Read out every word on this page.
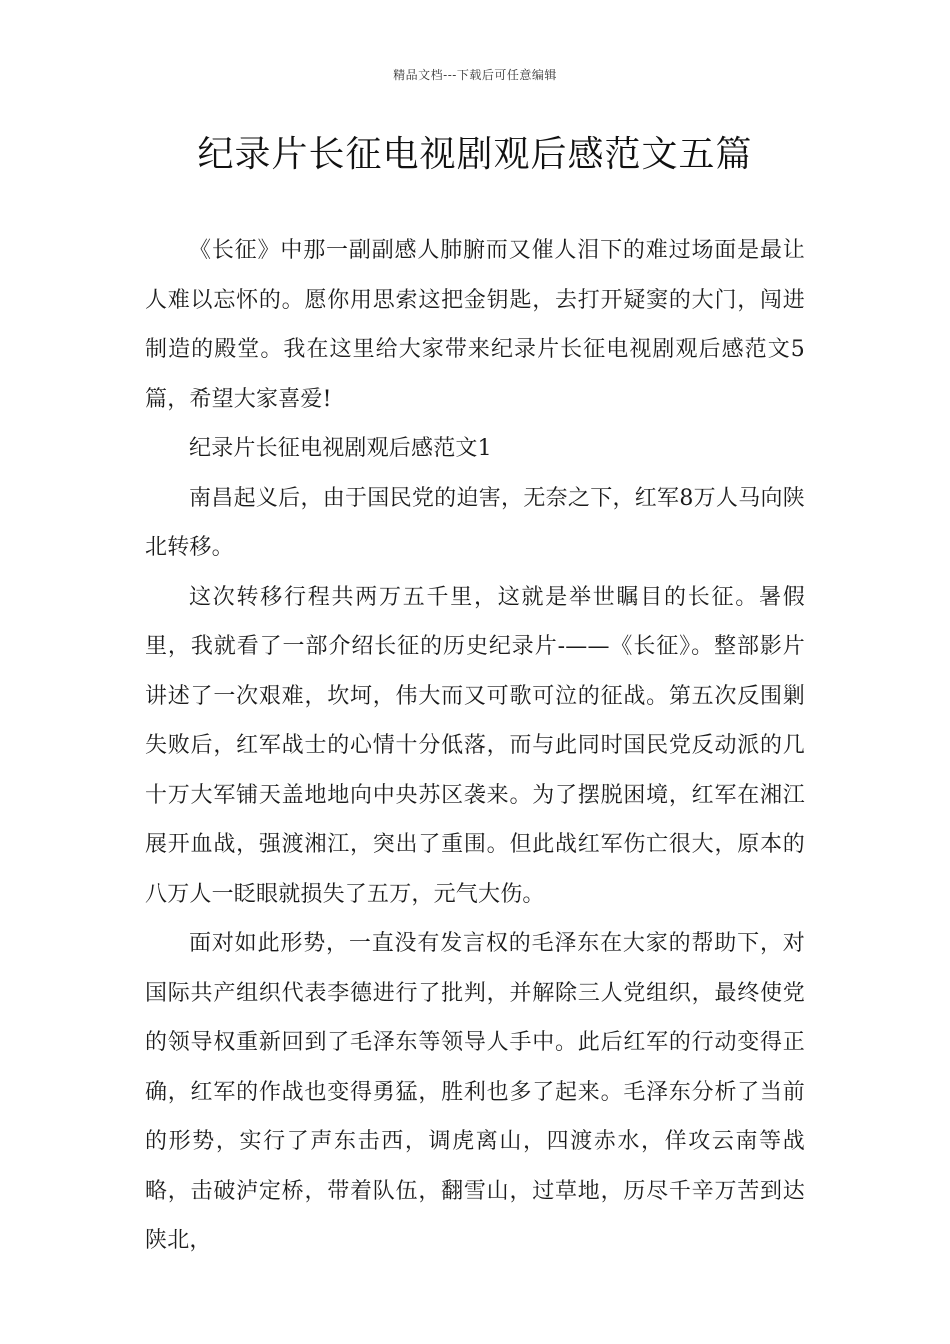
精品文档---下载后可任意编辑
纪录片长征电视剧观后感范文五篇

《长征》中那一副副感人肺腑而又催人泪下的难过场面是最让人难以忘怀的。愿你用思索这把金钥匙，去打开疑窦的大门，闯进制造的殿堂。我在这里给大家带来纪录片长征电视剧观后感范文5篇，希望大家喜爱!

纪录片长征电视剧观后感范文1

南昌起义后，由于国民党的迫害，无奈之下，红军8万人马向陕北转移。

这次转移行程共两万五千里，这就是举世瞩目的长征。暑假里，我就看了一部介绍长征的历史纪录片-——《长征》。整部影片讲述了一次艰难，坎坷，伟大而又可歌可泣的征战。第五次反围剿失败后，红军战士的心情十分低落，而与此同时国民党反动派的几十万大军铺天盖地地向中央苏区袭来。为了摆脱困境，红军在湘江展开血战，强渡湘江，突出了重围。但此战红军伤亡很大，原本的八万人一眨眼就损失了五万，元气大伤。

面对如此形势，一直没有发言权的毛泽东在大家的帮助下，对国际共产组织代表李德进行了批判，并解除三人党组织，最终使党的领导权重新回到了毛泽东等领导人手中。此后红军的行动变得正确，红军的作战也变得勇猛，胜利也多了起来。毛泽东分析了当前的形势，实行了声东击西，调虎离山，四渡赤水，佯攻云南等战略，击破泸定桥，带着队伍，翻雪山，过草地，历尽千辛万苦到达陕北，
